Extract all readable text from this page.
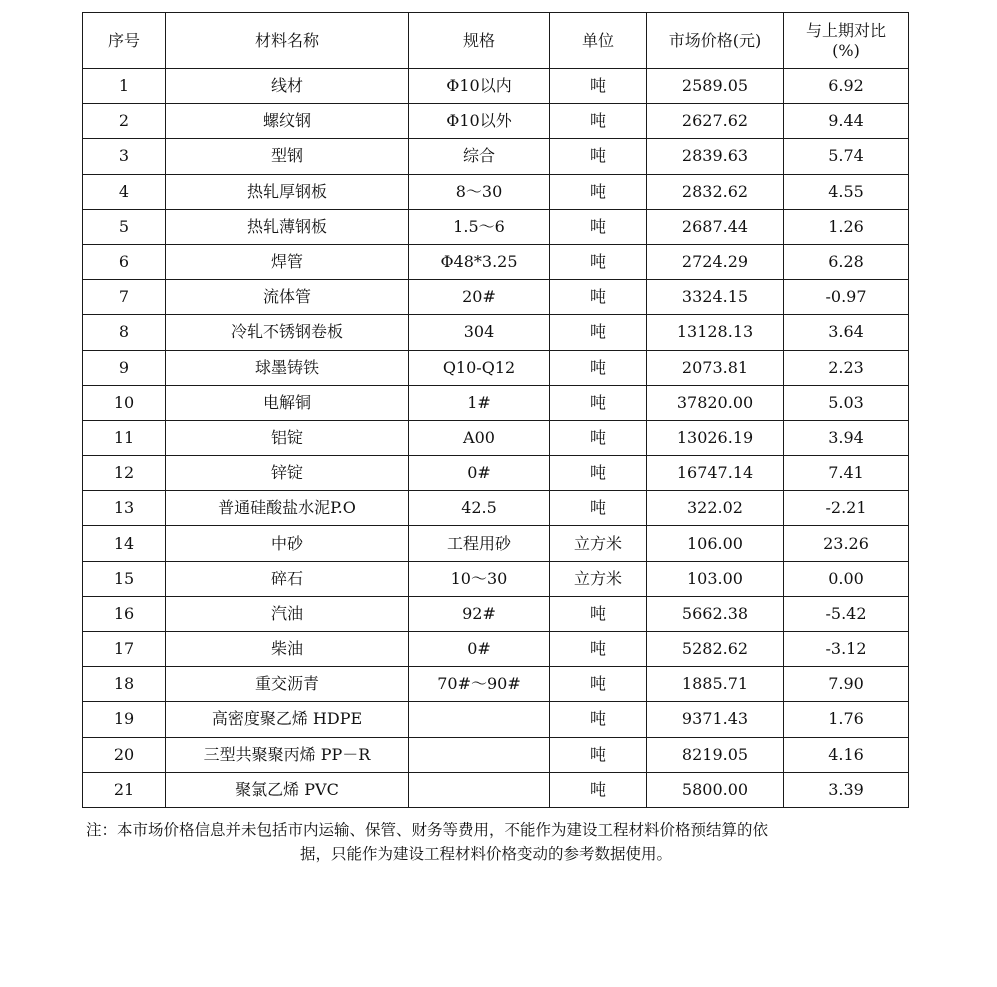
序号	材料名称	规格	单位	市场价格(元)	与上期对比
(%)

1	线材	Φ10以内	吨	2589.05	6.92
2	螺纹钢	Φ10以外	吨	2627.62	9.44
3	型钢	综合	吨	2839.63	5.74
4	热轧厚钢板	8～30	吨	2832.62	4.55
5	热轧薄钢板	1.5～6	吨	2687.44	1.26
6	焊管	Φ48*3.25	吨	2724.29	6.28
7	流体管	20#	吨	3324.15	-0.97
8	冷轧不锈钢卷板	304	吨	13128.13	3.64
9	球墨铸铁	Q10-Q12	吨	2073.81	2.23
10	电解铜	1#	吨	37820.00	5.03
11	铝锭	A00	吨	13026.19	3.94
12	锌锭	0#	吨	16747.14	7.41
13	普通硅酸盐水泥P.O	42.5	吨	322.02	-2.21
14	中砂	工程用砂	立方米	106.00	23.26
15	碎石	10～30	立方米	103.00	0.00
16	汽油	92#	吨	5662.38	-5.42
17	柴油	0#	吨	5282.62	-3.12
18	重交沥青	70#～90#	吨	1885.71	7.90
19	高密度聚乙烯 HDPE		吨	9371.43	1.76
20	三型共聚聚丙烯 PP－R		吨	8219.05	4.16
21	聚氯乙烯 PVC		吨	5800.00	3.39
注：本市场价格信息并未包括市内运输、保管、财务等费用，不能作为建设工程材料价格预结算的依
据，只能作为建设工程材料价格变动的参考数据使用。
